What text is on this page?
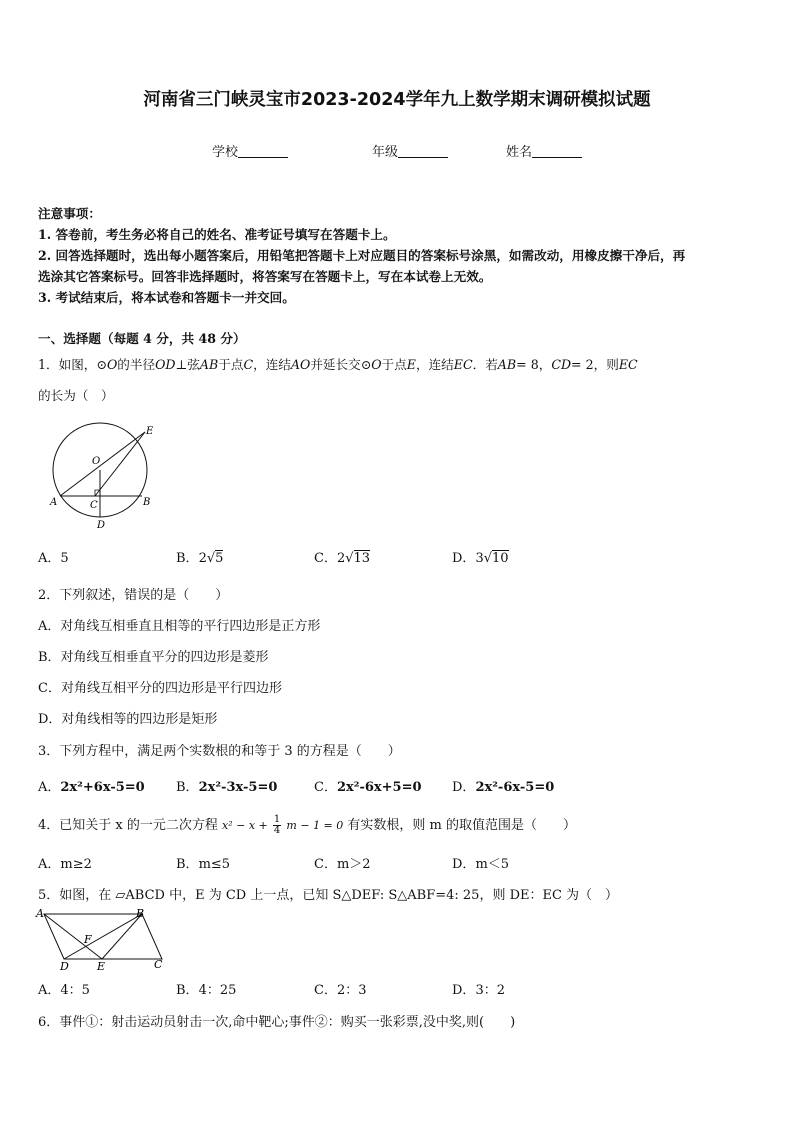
河南省三门峡灵宝市2023-2024学年九上数学期末调研模拟试题
学校	年级	姓名
注意事项：
1. 答卷前，考生务必将自己的姓名、准考证号填写在答题卡上。
2. 回答选择题时，选出每小题答案后，用铅笔把答题卡上对应题目的答案标号涂黑，如需改动，用橡皮擦干净后，再
选涂其它答案标号。回答非选择题时，将答案写在答题卡上，写在本试卷上无效。
3. 考试结束后，将本试卷和答题卡一并交回。
一、选择题（每题 4 分，共 48 分）
1．如图，⊙O的半径OD⊥弦AB于点C，连结AO并延长交⊙O于点E，连结EC．若AB= 8，CD= 2，则EC
的长为（　）
E
O
A	C	B
D
A．5	B．2√5	C．2√13	D．3√10
2．下列叙述，错误的是（　　）
A．对角线互相垂直且相等的平行四边形是正方形
B．对角线互相垂直平分的四边形是菱形
C．对角线互相平分的四边形是平行四边形
D．对角线相等的四边形是矩形
3．下列方程中，满足两个实数根的和等于 3 的方程是（　　）
A．2x²+6x-5=0 B．2x²-3x-5=0	C．2x²-6x+5=0 D．2x²-6x-5=0
4．已知关于 x 的一元二次方程 $x^2 - x + \frac{1}{4}$ m − 1 = 0 有实数根，则 m 的取值范围是（　　）
A．m≥2	B．m≤5	C．m＞2	D．m＜5
5．如图，在 ▱ABCD 中，E 为 CD 上一点，已知 S△DEF: S△ABF=4: 25，则 DE：EC 为（　）
A	B
F
D	E	C
A．4：5	B．4：25	C．2：3	D．3：2
6．事件①：射击运动员射击一次,命中靶心;事件②：购买一张彩票,没中奖,则(　　)
